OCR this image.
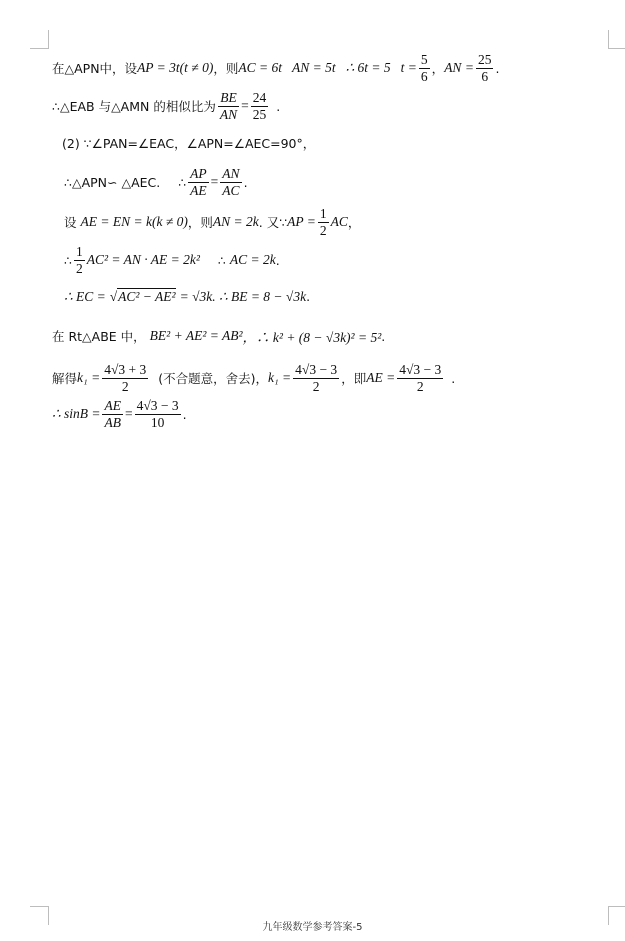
在△APN中，设 AP = 3t(t ≠ 0) ，则 AC = 6t AN = 5t ∴ 6t = 5 $t = \frac{5}{6}$ ， AN = $\frac{25}{6}$ .
∴△EAB 与△AMN 的相似比为 $\frac{BE}{AN} = \frac{24}{25}$ .
(2) ∵∠PAN=∠EAC，∠APN=∠AEC=90°，
∴△APN∽ △AEC. ∴ $\frac{AP}{AE} = \frac{AN}{AC}$ .
设 AE = EN = k(k ≠ 0) ，则 AN = 2k . 又∵ AP = $\frac{1}{2}$ AC ，
∴ $\frac{1}{2} AC^2$ = AN · AE = 2k² ∴ AC = 2k .
∴ EC = √ AC² − AE² = √3k . ∴ BE = 8 − √3k .
在 Rt△ABE 中， BE² + AE² = AB² ，∴ k² + (8 − √3k)² = 5² .
解得 $k_1 = \frac{4√3 + 3}{2}$ (不合题意，舍去)， $k_1 = \frac{4√3 - 3}{2}$ ，即 AE = $\frac{4√3 - 3}{2}$ .
∴ $\sin B = \frac{AE}{AB} = \frac{4√3 - 3}{10}$ .
九年级数学参考答案-5
